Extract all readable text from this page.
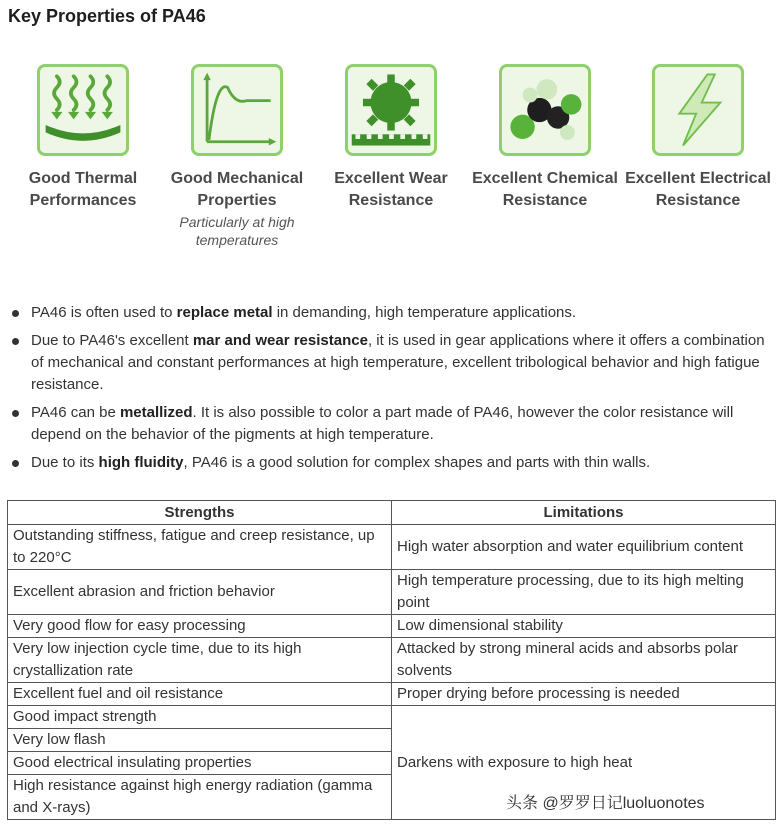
Key Properties of PA46
Good Thermal Performances
Good Mechanical Properties
Particularly at high temperatures
Excellent Wear Resistance
Excellent Chemical Resistance
Excellent Electrical Resistance
PA46 is often used to replace metal in demanding, high temperature applications.
Due to PA46's excellent mar and wear resistance, it is used in gear applications where it offers a combination of mechanical and constant performances at high temperature, excellent tribological behavior and high fatigue resistance.
PA46 can be metallized. It is also possible to color a part made of PA46, however the color resistance will depend on the behavior of the pigments at high temperature.
Due to its high fluidity, PA46 is a good solution for complex shapes and parts with thin walls.
Strengths	Limitations
Outstanding stiffness, fatigue and creep resistance, up to 220°C	High water absorption and water equilibrium content
Excellent abrasion and friction behavior	High temperature processing, due to its high melting point
Very good flow for easy processing	Low dimensional stability
Very low injection cycle time, due to its high crystallization rate	Attacked by strong mineral acids and absorbs polar solvents
Excellent fuel and oil resistance	Proper drying before processing is needed
Good impact strength	Darkens with exposure to high heat
Very low flash	
Good electrical insulating properties	
High resistance against high energy radiation (gamma and X-rays)		头条 @罗罗日记luoluonotes
